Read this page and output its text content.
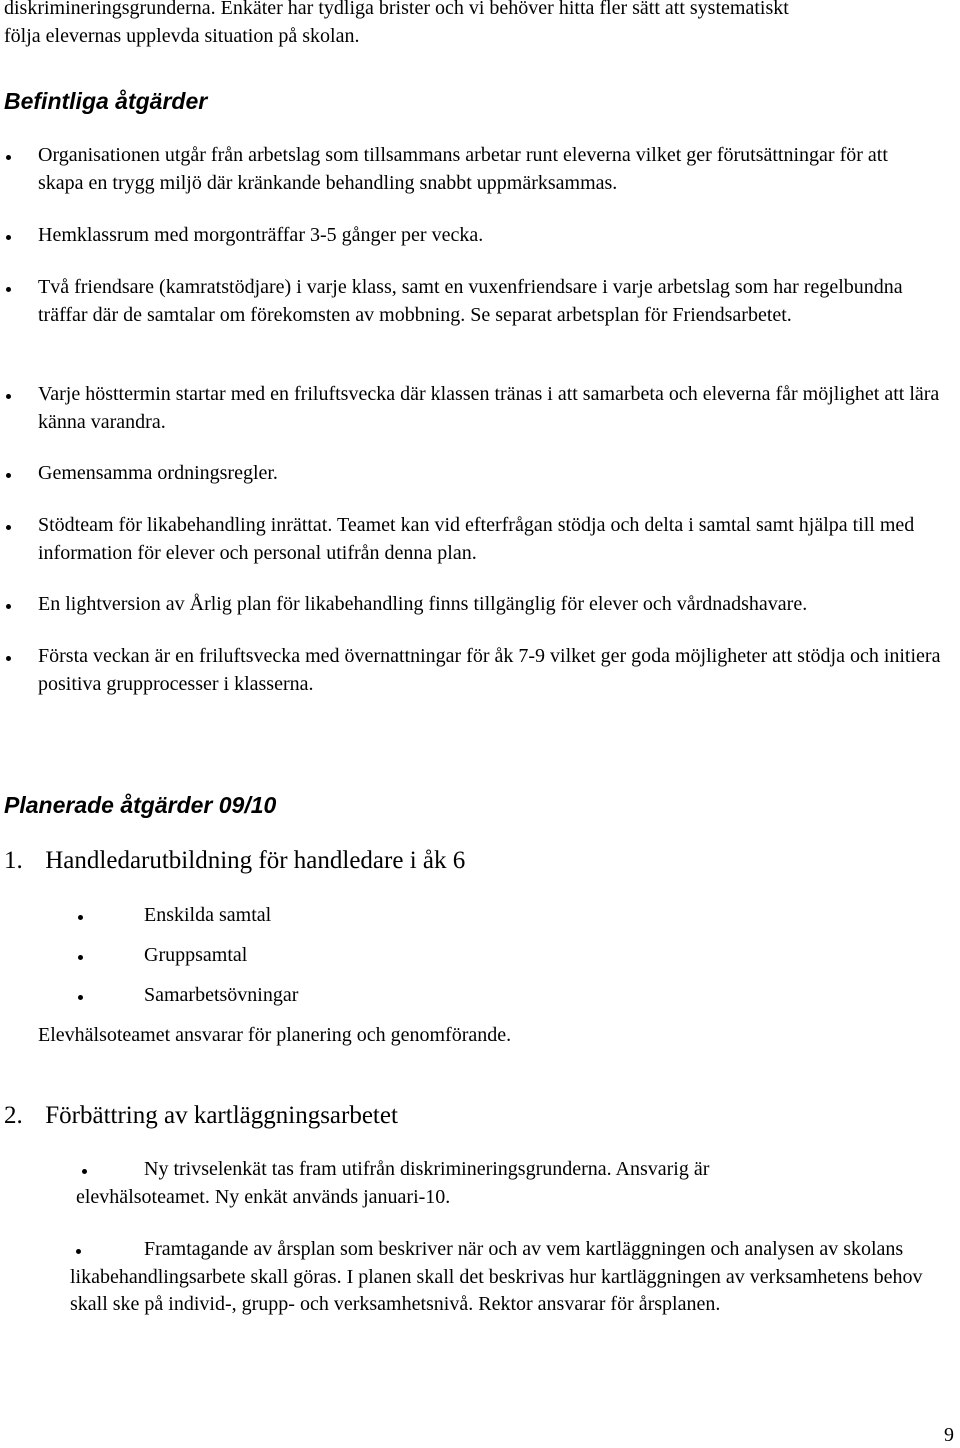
diskrimineringsgrunderna. Enkäter har tydliga brister och vi behöver hitta fler sätt att systematiskt
följa elevernas upplevda situation på skolan.
Befintliga åtgärder
Organisationen utgår från arbetslag som tillsammans arbetar runt eleverna vilket ger förutsättningar för att skapa en trygg miljö där kränkande behandling snabbt uppmärksammas.
Hemklassrum med morgonträffar 3-5 gånger per vecka.
Två friendsare (kamratstödjare) i varje klass, samt en vuxenfriendsare i varje arbetslag som har regelbundna träffar där de samtalar om förekomsten av mobbning. Se separat arbetsplan för Friendsarbetet.
Varje hösttermin startar med en friluftsvecka där klassen tränas i att samarbeta och eleverna får möjlighet att lära känna varandra.
Gemensamma ordningsregler.
Stödteam för likabehandling inrättat. Teamet kan vid efterfrågan stödja och delta i samtal samt hjälpa till med information för elever och personal utifrån denna plan.
En lightversion av Årlig plan för likabehandling finns tillgänglig för elever och vårdnadshavare.
Första veckan är en friluftsvecka med övernattningar för åk 7-9 vilket ger goda möjligheter att stödja och initiera positiva grupprocesser i klasserna.
Planerade åtgärder 09/10
1. Handledarutbildning för handledare i åk 6
Enskilda samtal
Gruppsamtal
Samarbetsövningar
Elevhälsoteamet ansvarar för planering och genomförande.
2. Förbättring av kartläggningsarbetet
Ny trivselenkät tas fram utifrån diskrimineringsgrunderna. Ansvarig är elevhälsoteamet. Ny enkät används januari-10.
Framtagande av årsplan som beskriver när och av vem kartläggningen och analysen av skolans likabehandlingsarbete skall göras. I planen skall det beskrivas hur kartläggningen av verksamhetens behov skall ske på individ-, grupp- och verksamhetsnivå. Rektor ansvarar för årsplanen.
9
